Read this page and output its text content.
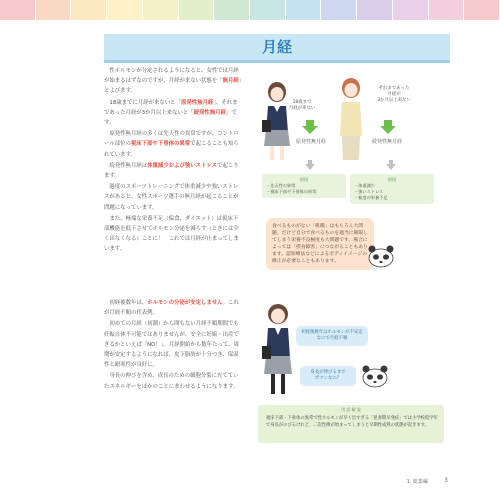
月経

性ホルモンが分泌されるようになると、女性では月経が始まるはずなのですが、月経が来ない状態を「無月経」とよびます。

18歳までに月経が来ないと「原発性無月経」、それまであった月経が3か月以上来ないと「続発性無月経」です。

原発性無月経の多くは先天性の異常ですが、コントロール部位の視床下部や下垂体の異常で起こることも知られています。

続発性無月経は体重減少および強いストレスで起こります。

過度のスポーツトレーニングで体重減少や強いストレスがあると、女性スポーツ選手の無月経が起こることが問題になっています。

また、極端な栄養不足（偏食、ダイエット）は視床下部機能を低下させてホルモン分泌を減らす（ときには全く出なくなる）ことに！　これでは月経が止まってしまいます。

初経後数年は、ホルモンの分泌が安定しません。これが月経不順の代表例。

初めての月経（初潮）から間もない月経不順期間でも妊娠自体不可能ではありませんが、安全に妊娠・出産できるかといえば「NO！」。月経開始から数年たって、周期が安定するようになれば、皮下脂肪が十分つき、保湿性と耐寒性が良好に。

身長の伸びを含め、成長のための細胞分裂に充てていたエネルギーをほかのことにまわせるようになります。

18歳まで
月経が来ない
それまであった
月経が
3か月以上来ない
原発性無月経	続発性無月経
原因
・先天性の異常
・視床下部や下垂体の異常
原因
・体重減少
・強いストレス
・極度の栄養不足
食べるものがない「飢餓」はもちろん大問題。だけど自分で食べるものを適当に制限してしまう栄養不良極度も大問題です。場合によっては「摂食障害」につながることもあります。認知療法などによるボディイメージの修正が必要なこともあります。
初経後数年はホルモンが不安定なので月経不順
身長が伸びるまで
ガマンなの？
用 語 解 説
視床下部・下垂体の異常で性ホルモンが早く出すぎる「思春期早発症」では小学校低学年で身長がのびるけれど、二次性徴が始まってしまうと早期性成熟の状態が起きます。
1. 総集編	3
